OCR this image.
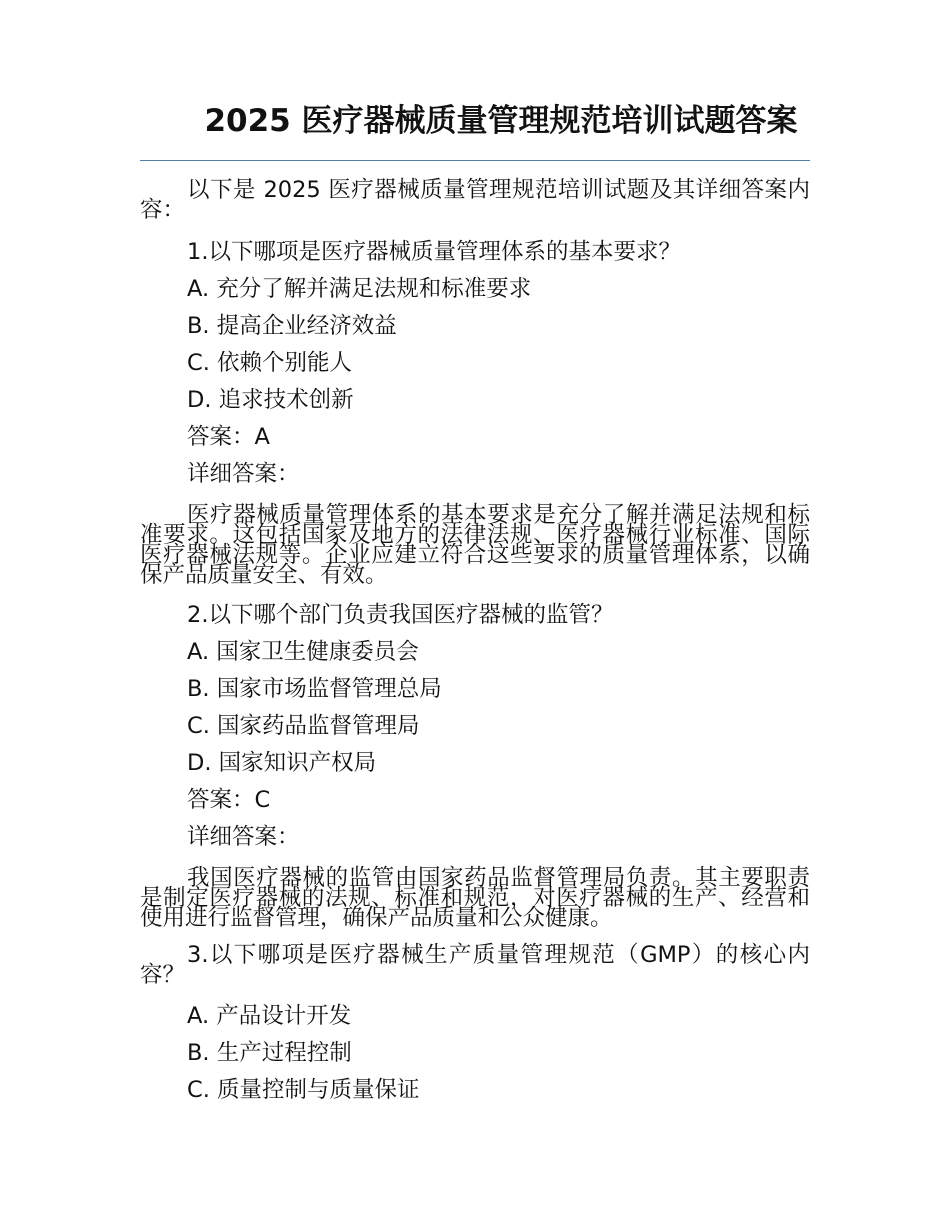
2025 医疗器械质量管理规范培训试题答案
以下是 2025 医疗器械质量管理规范培训试题及其详细答案内容：
1.以下哪项是医疗器械质量管理体系的基本要求？
A. 充分了解并满足法规和标准要求
B. 提高企业经济效益
C. 依赖个别能人
D. 追求技术创新
答案：A
详细答案：
医疗器械质量管理体系的基本要求是充分了解并满足法规和标准要求。这包括国家及地方的法律法规、医疗器械行业标准、国际医疗器械法规等。企业应建立符合这些要求的质量管理体系，以确保产品质量安全、有效。
2.以下哪个部门负责我国医疗器械的监管？
A. 国家卫生健康委员会
B. 国家市场监督管理总局
C. 国家药品监督管理局
D. 国家知识产权局
答案：C
详细答案：
我国医疗器械的监管由国家药品监督管理局负责。其主要职责是制定医疗器械的法规、标准和规范，对医疗器械的生产、经营和使用进行监督管理，确保产品质量和公众健康。
3.以下哪项是医疗器械生产质量管理规范（GMP）的核心内容？
A. 产品设计开发
B. 生产过程控制
C. 质量控制与质量保证
